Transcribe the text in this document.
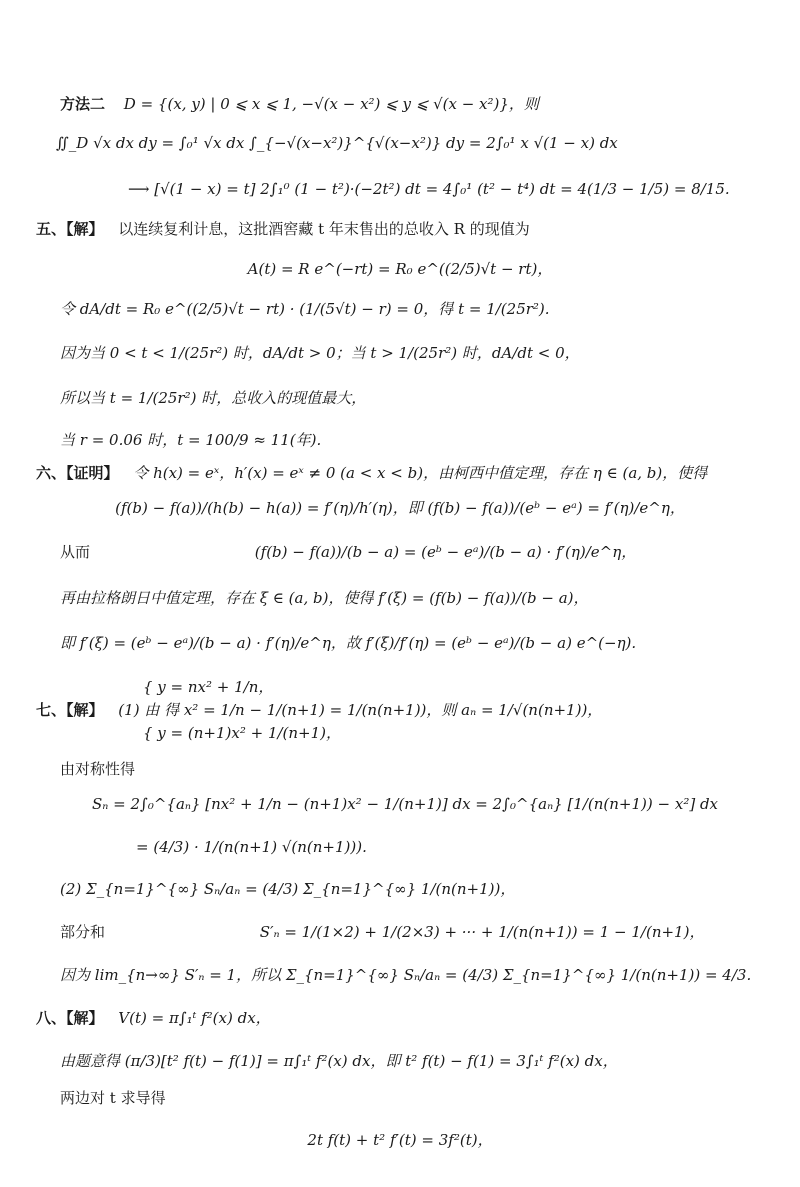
方法二 D = {(x, y) | 0 ⩽ x ⩽ 1, −√(x − x²) ⩽ y ⩽ √(x − x²)}，则
∬_D √x dx dy = ∫₀¹ √x dx ∫_{−√(x−x²)}^{√(x−x²)} dy = 2∫₀¹ x √(1 − x) dx
⟶ [√(1 − x) = t] 2∫₁⁰ (1 − t²)·(−2t²) dt = 4∫₀¹ (t² − t⁴) dt = 4(1/3 − 1/5) = 8/15.
五、【解】 以连续复利计息，这批酒窖藏 t 年末售出的总收入 R 的现值为
A(t) = R e^(−rt) = R₀ e^((2/5)√t − rt)，
令 dA/dt = R₀ e^((2/5)√t − rt) · (1/(5√t) − r) = 0，得 t = 1/(25r²).
因为当 0 < t < 1/(25r²) 时，dA/dt > 0；当 t > 1/(25r²) 时，dA/dt < 0，
所以当 t = 1/(25r²) 时，总收入的现值最大，
当 r = 0.06 时，t = 100/9 ≈ 11(年).
六、【证明】 令 h(x) = eˣ，h′(x) = eˣ ≠ 0 (a < x < b)，由柯西中值定理，存在 η ∈ (a, b)，使得
(f(b) − f(a))/(h(b) − h(a)) = f′(η)/h′(η)，即 (f(b) − f(a))/(eᵇ − eᵃ) = f′(η)/e^η，
从而	(f(b) − f(a))/(b − a) = (eᵇ − eᵃ)/(b − a) · f′(η)/e^η，
再由拉格朗日中值定理，存在 ξ ∈ (a, b)，使得 f′(ξ) = (f(b) − f(a))/(b − a)，
即 f′(ξ) = (eᵇ − eᵃ)/(b − a) · f′(η)/e^η，故 f′(ξ)/f′(η) = (eᵇ − eᵃ)/(b − a) e^(−η).
{ y = nx² + 1/n，
七、【解】 (1) 由 得 x² = 1/n − 1/(n+1) = 1/(n(n+1))，则 aₙ = 1/√(n(n+1))，
{ y = (n+1)x² + 1/(n+1)，
由对称性得
Sₙ = 2∫₀^{aₙ} [nx² + 1/n − (n+1)x² − 1/(n+1)] dx = 2∫₀^{aₙ} [1/(n(n+1)) − x²] dx
= (4/3) · 1/(n(n+1) √(n(n+1))).
(2) Σ_{n=1}^{∞} Sₙ/aₙ = (4/3) Σ_{n=1}^{∞} 1/(n(n+1))，
部分和	S′ₙ = 1/(1×2) + 1/(2×3) + ··· + 1/(n(n+1)) = 1 − 1/(n+1)，
因为 lim_{n→∞} S′ₙ = 1，所以 Σ_{n=1}^{∞} Sₙ/aₙ = (4/3) Σ_{n=1}^{∞} 1/(n(n+1)) = 4/3.
八、【解】 V(t) = π∫₁ᵗ f²(x) dx，
由题意得 (π/3)[t² f(t) − f(1)] = π∫₁ᵗ f²(x) dx，即 t² f(t) − f(1) = 3∫₁ᵗ f²(x) dx，
两边对 t 求导得
2t f(t) + t² f′(t) = 3f²(t)，
